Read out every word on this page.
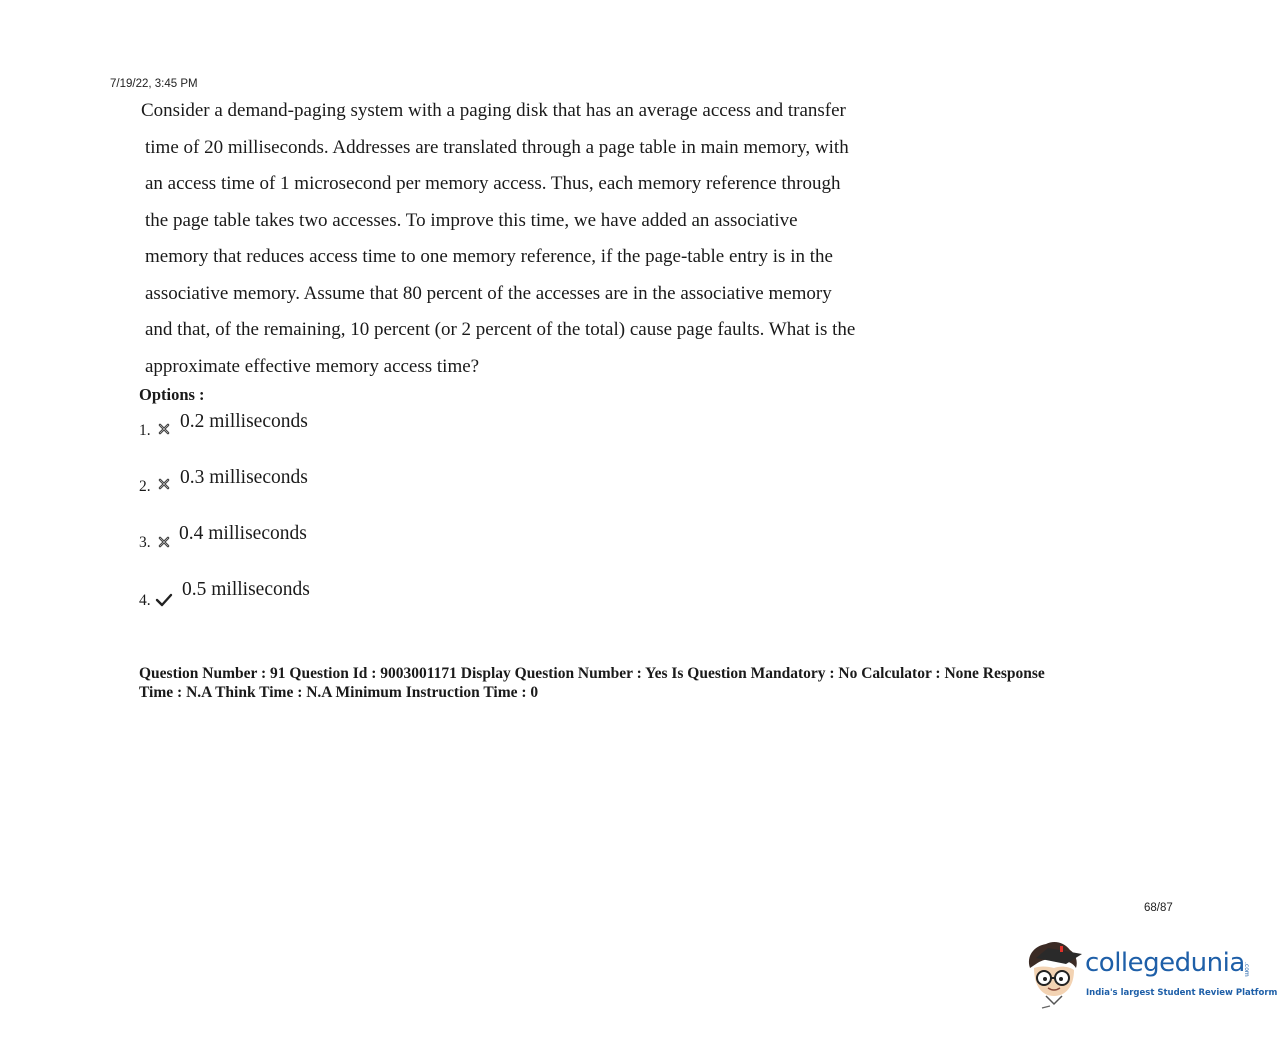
7/19/22, 3:45 PM
Consider a demand-paging system with a paging disk that has an average access and transfer
time of 20 milliseconds. Addresses are translated through a page table in main memory, with
an access time of 1 microsecond per memory access. Thus, each memory reference through
the page table takes two accesses. To improve this time, we have added an associative
memory that reduces access time to one memory reference, if the page-table entry is in the
associative memory. Assume that 80 percent of the accesses are in the associative memory
and that, of the remaining, 10 percent (or 2 percent of the total) cause page faults. What is the
approximate effective memory access time?
Options :
1. 0.2 milliseconds
2. 0.3 milliseconds
3. 0.4 milliseconds
4.
0.5 milliseconds
Question Number : 91 Question Id : 9003001171 Display Question Number : Yes Is Question Mandatory : No Calculator : None Response
Time : N.A Think Time : N.A Minimum Instruction Time : 0
68/87
collegedunia
.com
India's largest Student Review Platform
